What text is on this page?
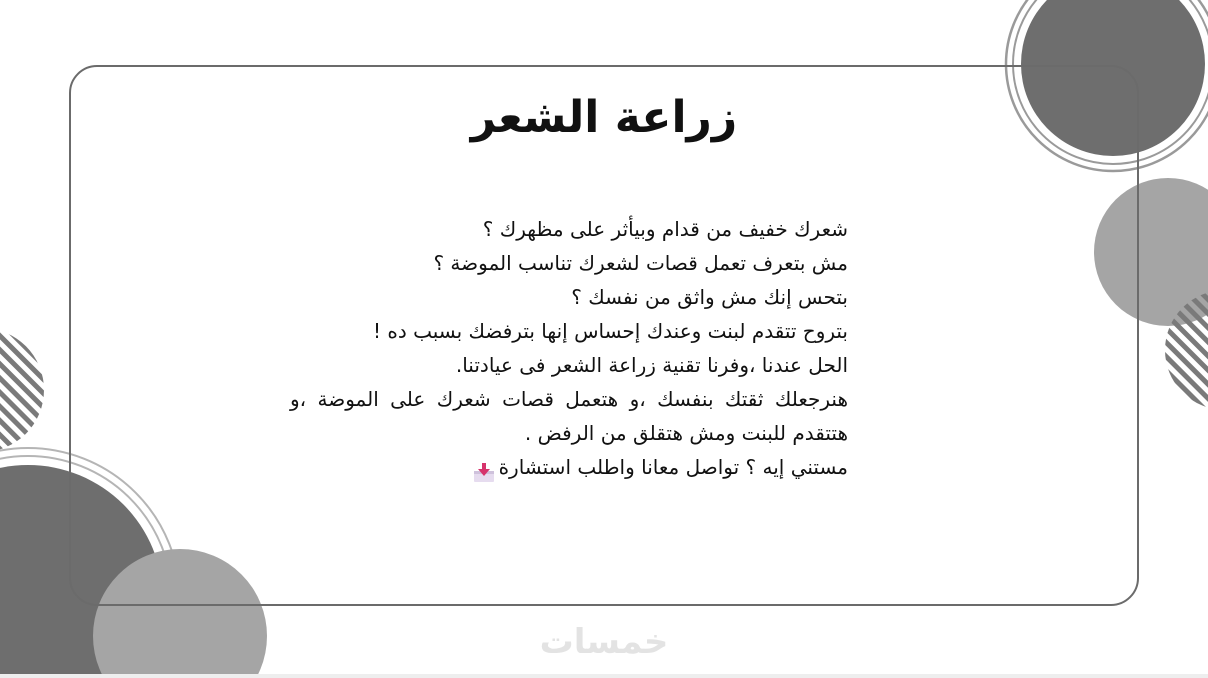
زراعة الشعر

شعرك خفيف من قدام وبيأثر على مظهرك ؟

مش بتعرف تعمل قصات لشعرك تناسب الموضة ؟

بتحس إنك مش واثق من نفسك ؟

بتروح تتقدم لبنت وعندك إحساس إنها بترفضك بسبب ده !

الحل عندنا ،وفرنا تقنية زراعة الشعر فى عيادتنا.

هنرجعلك ثقتك بنفسك ،و هتعمل قصات شعرك على الموضة ،و هتتقدم للبنت ومش هتقلق من الرفض .

مستني إيه ؟ تواصل معانا واطلب استشارة

خمسات
